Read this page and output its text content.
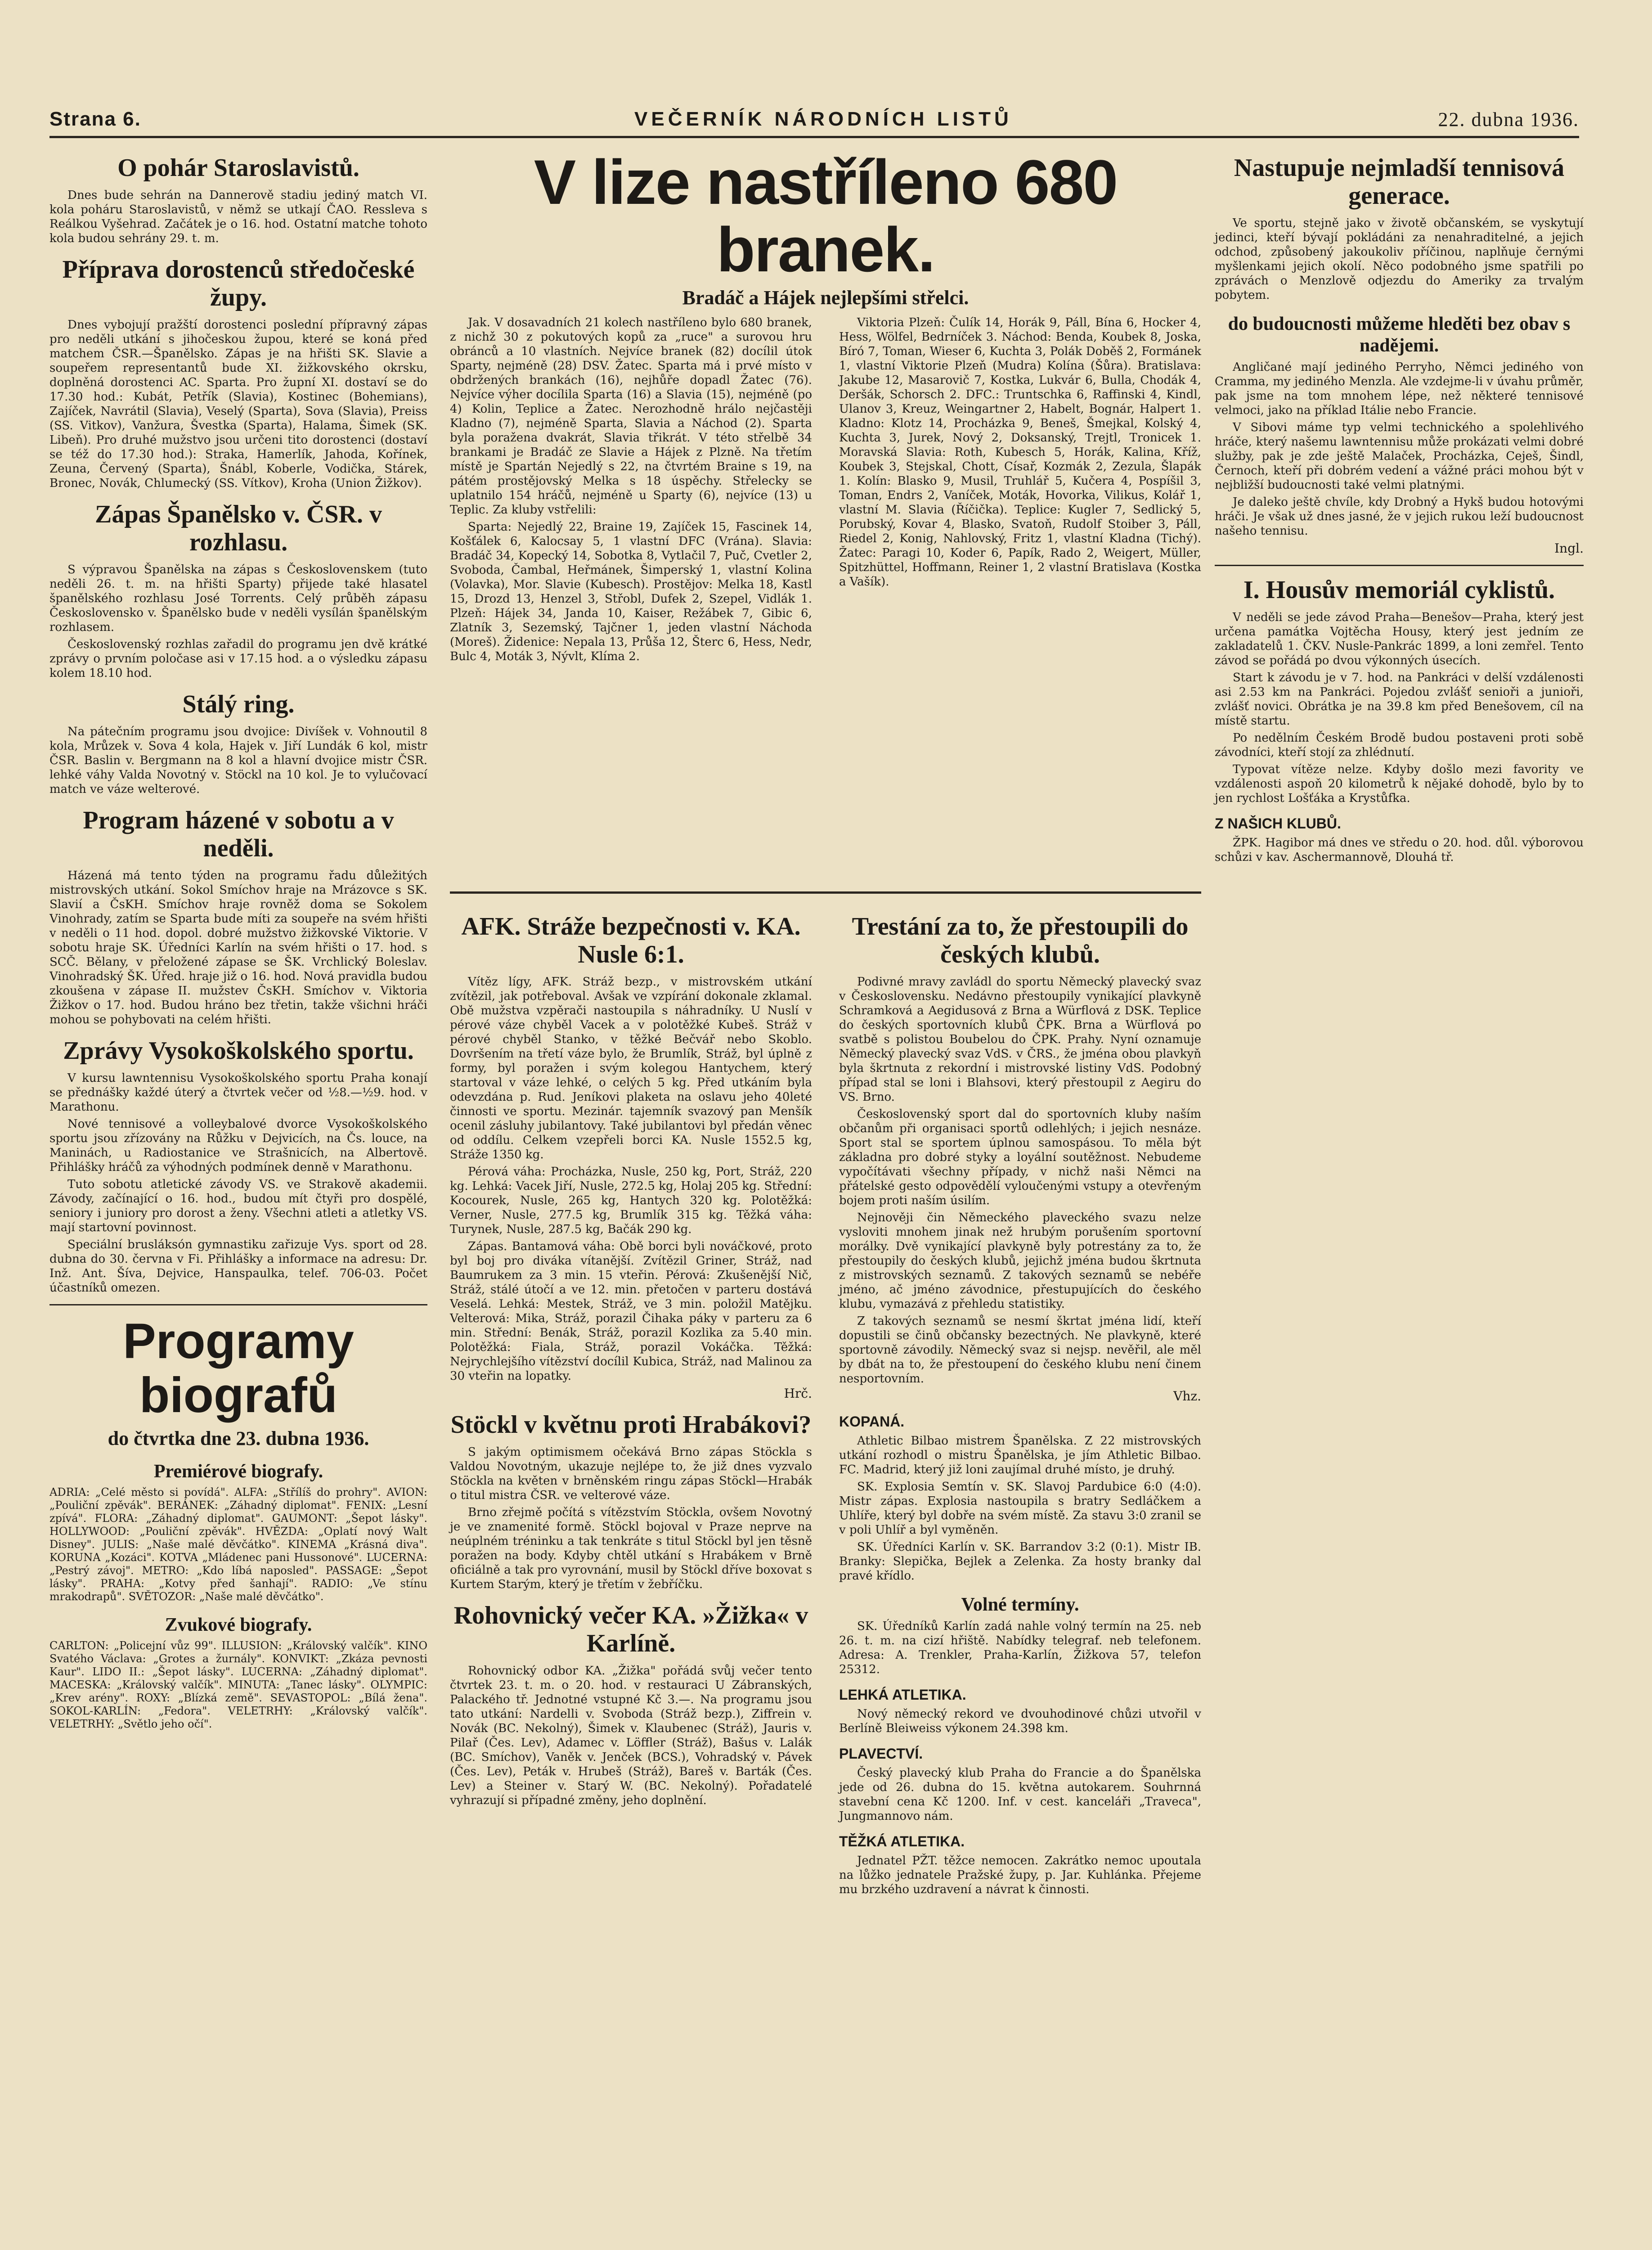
Strana 6.	VEČERNÍK NÁRODNÍCH LISTŮ	22. dubna 1936.
O pohár Staroslavistů.

Dnes bude sehrán na Dannerově stadiu jediný match VI. kola poháru Staroslavistů, v němž se utkají ČAO. Ressleva s Reálkou Vyšehrad. Začátek je o 16. hod. Ostatní matche tohoto kola budou sehrány 29. t. m.

Příprava dorostenců středočeské župy.

Dnes vybojují pražští dorostenci poslední přípravný zápas pro neděli utkání s jihočeskou župou, které se koná před matchem ČSR.—Španělsko. Zápas je na hřišti SK. Slavie a soupeřem representantů bude XI. žižkovského okrsku, doplněná dorostenci AC. Sparta. Pro župní XI. dostaví se do 17.30 hod.: Kubát, Petřík (Slavia), Kostinec (Bohemians), Zajíček, Navrátil (Slavia), Veselý (Sparta), Sova (Slavia), Preiss (SS. Vitkov), Vanžura, Švestka (Sparta), Halama, Šimek (SK. Libeň). Pro druhé mužstvo jsou určeni tito dorostenci (dostaví se též do 17.30 hod.): Straka, Hamerlík, Jahoda, Kořínek, Zeuna, Červený (Sparta), Šnábl, Koberle, Vodička, Stárek, Bronec, Novák, Chlumecký (SS. Vítkov), Kroha (Union Žižkov).

Zápas Španělsko v. ČSR. v rozhlasu.

S výpravou Španělska na zápas s Československem (tuto neděli 26. t. m. na hřišti Sparty) přijede také hlasatel španělského rozhlasu José Torrents. Celý průběh zápasu Československo v. Španělsko bude v neděli vysílán španělským rozhlasem.

Československý rozhlas zařadil do programu jen dvě krátké zprávy o prvním poločase asi v 17.15 hod. a o výsledku zápasu kolem 18.10 hod.

Stálý ring.

Na pátečním programu jsou dvojice: Divíšek v. Vohnoutil 8 kola, Mrůzek v. Sova 4 kola, Hajek v. Jiří Lundák 6 kol, mistr ČSR. Baslin v. Bergmann na 8 kol a hlavní dvojice mistr ČSR. lehké váhy Valda Novotný v. Stöckl na 10 kol. Je to vylučovací match ve váze welterové.

Program házené v sobotu a v neděli.

Házená má tento týden na programu řadu důležitých mistrovských utkání. Sokol Smíchov hraje na Mrázovce s SK. Slavií a ČsKH. Smíchov hraje rovněž doma se Sokolem Vinohrady, zatím se Sparta bude míti za soupeře na svém hřišti v neděli o 11 hod. dopol. dobré mužstvo žižkovské Viktorie. V sobotu hraje SK. Úředníci Karlín na svém hřišti o 17. hod. s SCČ. Bělany, v přeložené zápase se ŠK. Vrchlický Boleslav. Vinohradský ŠK. Úřed. hraje již o 16. hod. Nová pravidla budou zkoušena v zápase II. mužstev ČsKH. Smíchov v. Viktoria Žižkov o 17. hod. Budou hráno bez třetin, takže všichni hráči mohou se pohybovati na celém hřišti.

Zprávy Vysokoškolského sportu.

V kursu lawntennisu Vysokoškolského sportu Praha konají se přednášky každé úterý a čtvrtek večer od ½8.—½9. hod. v Marathonu.

Nové tennisové a volleybalové dvorce Vysokoškolského sportu jsou zřízovány na Růžku v Dejvicích, na Čs. louce, na Maninách, u Radiostanice ve Strašnicích, na Albertově. Přihlášky hráčů za výhodných podmínek denně v Marathonu.

Tuto sobotu atletické závody VS. ve Strakově akademii. Závody, začínající o 16. hod., budou mít čtyři pro dospělé, seniory i juniory pro dorost a ženy. Všechni atleti a atletky VS. mají startovní povinnost.

Speciální brusláksón gymnastiku zařizuje Vys. sport od 28. dubna do 30. června v Fi. Přihlášky a informace na adresu: Dr. Inž. Ant. Šíva, Dejvice, Hanspaulka, telef. 706-03. Počet účastníků omezen.

Programy biografů
do čtvrtka dne 23. dubna 1936.
Premiérové biografy.

ADRIA: „Celé město si povídá". ALFA: „Střílíš do prohry". AVION: „Pouliční zpěvák". BERÁNEK: „Záhadný diplomat". FENIX: „Lesní zpívá". FLORA: „Záhadný diplomat". GAUMONT: „Šepot lásky". HOLLYWOOD: „Pouliční zpěvák". HVĚZDA: „Oplatí nový Walt Disney". JULIS: „Naše malé děvčátko". KINEMA „Krásná diva". KORUNA „Kozáci". KOTVA „Mládenec pani Hussonové". LUCERNA: „Pestrý závoj". METRO: „Kdo líbá naposled". PASSAGE: „Šepot lásky". PRAHA: „Kotvy před šanhají". RADIO: „Ve stínu mrakodrapů". SVĚTOZOR: „Naše malé děvčátko".

Zvukové biografy.

CARLTON: „Policejní vůz 99". ILLUSION: „Královský valčík". KINO Svatého Václava: „Grotes a žurnály". KONVIKT: „Zkáza pevnosti Kaur". LIDO II.: „Šepot lásky". LUCERNA: „Záhadný diplomat". MACESKA: „Královský valčík". MINUTA: „Tanec lásky". OLYMPIC: „Krev arény". ROXY: „Blízká země". SEVASTOPOL: „Bílá žena". SOKOL-KARLÍN: „Fedora". VELETRHY: „Královský valčík". VELETRHY: „Světlo jeho očí".

V lize nastříleno 680 branek.
Bradáč a Hájek nejlepšími střelci.

Jak. V dosavadních 21 kolech nastříleno bylo 680 branek, z nichž 30 z pokutových kopů za „ruce" a surovou hru obránců a 10 vlastních. Nejvíce branek (82) docílil útok Sparty, nejméně (28) DSV. Žatec. Sparta má i prvé místo v obdržených brankách (16), nejhůře dopadl Žatec (76). Nejvíce výher docílila Sparta (16) a Slavia (15), nejméně (po 4) Kolin, Teplice a Žatec. Nerozhodně hrálo nejčastěji Kladno (7), nejméně Sparta, Slavia a Náchod (2). Sparta byla poražena dvakrát, Slavia třikrát. V této střelbě 34 brankami je Bradáč ze Slavie a Hájek z Plzně. Na třetím místě je Spartán Nejedlý s 22, na čtvrtém Braine s 19, na pátém prostějovský Melka s 18 úspěchy. Střelecky se uplatnilo 154 hráčů, nejméně u Sparty (6), nejvíce (13) u Teplic. Za kluby vstřelili:

Sparta: Nejedlý 22, Braine 19, Zajíček 15, Fascinek 14, Košťálek 6, Kalocsay 5, 1 vlastní DFC (Vrána). Slavia: Bradáč 34, Kopecký 14, Sobotka 8, Vytlačil 7, Puč, Cvetler 2, Svoboda, Čambal, Heřmánek, Šimperský 1, vlastní Kolina (Volavka), Mor. Slavie (Kubesch). Prostějov: Melka 18, Kastl 15, Drozd 13, Henzel 3, Střobl, Dufek 2, Szepel, Vidlák 1. Plzeň: Hájek 34, Janda 10, Kaiser, Režábek 7, Gibic 6, Zlatník 3, Sezemský, Tajčner 1, jeden vlastní Náchoda (Moreš). Židenice: Nepala 13, Průša 12, Šterc 6, Hess, Nedr, Bulc 4, Moták 3, Nývlt, Klíma 2.

Viktoria Plzeň: Čulík 14, Horák 9, Páll, Bína 6, Hocker 4, Hess, Wölfel, Bedrníček 3. Náchod: Benda, Koubek 8, Joska, Bíró 7, Toman, Wieser 6, Kuchta 3, Polák Doběš 2, Formánek 1, vlastní Viktorie Plzeň (Mudra) Kolína (Šůra). Bratislava: Jakube 12, Masarovič 7, Kostka, Lukvár 6, Bulla, Chodák 4, Deršák, Schorsch 2. DFC.: Truntschka 6, Raffinski 4, Kindl, Ulanov 3, Kreuz, Weingartner 2, Habelt, Bognár, Halpert 1. Kladno: Klotz 14, Procházka 9, Beneš, Šmejkal, Kolský 4, Kuchta 3, Jurek, Nový 2, Doksanský, Trejtl, Tronicek 1. Moravská Slavia: Roth, Kubesch 5, Horák, Kalina, Kříž, Koubek 3, Stejskal, Chott, Císař, Kozmák 2, Zezula, Šlapák 1. Kolín: Blasko 9, Musil, Truhlář 5, Kučera 4, Pospíšil 3, Toman, Endrs 2, Vaníček, Moták, Hovorka, Vilikus, Kolář 1, vlastní M. Slavia (Říčička). Teplice: Kugler 7, Sedlický 5, Porubský, Kovar 4, Blasko, Svatoň, Rudolf Stoiber 3, Páll, Riedel 2, Konig, Nahlovský, Fritz 1, vlastní Kladna (Tichý). Žatec: Paragi 10, Koder 6, Papík, Rado 2, Weigert, Müller, Spitzhüttel, Hoffmann, Reiner 1, 2 vlastní Bratislava (Kostka a Vašík).

AFK. Stráže bezpečnosti v. KA. Nusle 6:1.

Vítěz lígy, AFK. Stráž bezp., v mistrovském utkání zvítězil, jak potřeboval. Avšak ve vzpírání dokonale zklamal. Obě mužstva vzpěrači nastoupila s náhradníky. U Nuslí v pérové váze chyběl Vacek a v polotěžké Kubeš. Stráž v pérové chyběl Stanko, v těžké Bečvář nebo Skoblo. Dovršením na třetí váze bylo, že Brumlík, Stráž, byl úplně z formy, byl poražen i svým kolegou Hantychem, který startoval v váze lehké, o celých 5 kg. Před utkáním byla odevzdána p. Rud. Jeníkovi plaketa na oslavu jeho 40leté činnosti ve sportu. Mezinár. tajemník svazový pan Menšík ocenil zásluhy jubilantovy. Také jubilantovi byl předán věnec od oddílu. Celkem vzepřeli borci KA. Nusle 1552.5 kg, Stráže 1350 kg.

Pérová váha: Procházka, Nusle, 250 kg, Port, Stráž, 220 kg. Lehká: Vacek Jiří, Nusle, 272.5 kg, Holaj 205 kg. Střední: Kocourek, Nusle, 265 kg, Hantych 320 kg. Polotěžká: Verner, Nusle, 277.5 kg, Brumlík 315 kg. Těžká váha: Turynek, Nusle, 287.5 kg, Bačák 290 kg.

Zápas. Bantamová váha: Obě borci byli nováčkové, proto byl boj pro diváka vítanější. Zvítězil Griner, Stráž, nad Baumrukem za 3 min. 15 vteřin. Pérová: Zkušenější Nič, Stráž, stálé útočí a ve 12. min. přetočen v parteru dostává Veselá. Lehká: Mestek, Stráž, ve 3 min. položil Matějku. Velterová: Mika, Stráž, porazil Čihaka páky v parteru za 6 min. Střední: Benák, Stráž, porazil Kozlika za 5.40 min. Polotěžká: Fiala, Stráž, porazil Vokáčka. Těžká: Nejrychlejšího vítězství docílil Kubica, Stráž, nad Malinou za 30 vteřin na lopatky.

Hrč.
Stöckl v květnu proti Hrabákovi?

S jakým optimismem očekává Brno zápas Stöckla s Valdou Novotným, ukazuje nejlépe to, že již dnes vyzvalo Stöckla na květen v brněnském ringu zápas Stöckl—Hrabák o titul mistra ČSR. ve velterové váze.

Brno zřejmě počítá s vítězstvím Stöckla, ovšem Novotný je ve znamenité formě. Stöckl bojoval v Praze neprve na neúplném tréninku a tak tenkráte s titul Stöckl byl jen těsně poražen na body. Kdyby chtěl utkání s Hrabákem v Brně oficiálně a tak pro vyrovnání, musil by Stöckl dříve boxovat s Kurtem Starým, který je třetím v žebříčku.

Rohovnický večer KA. »Žižka« v Karlíně.

Rohovnický odbor KA. „Žižka" pořádá svůj večer tento čtvrtek 23. t. m. o 20. hod. v restauraci U Zábranských, Palackého tř. Jednotné vstupné Kč 3.—. Na programu jsou tato utkání: Nardelli v. Svoboda (Stráž bezp.), Ziffrein v. Novák (BC. Nekolný), Šimek v. Klaubenec (Stráž), Jauris v. Pilař (Čes. Lev), Adamec v. Löffler (Stráž), Bašus v. Lalák (BC. Smíchov), Vaněk v. Jenček (BCS.), Vohradský v. Pávek (Čes. Lev), Peták v. Hrubeš (Stráž), Bareš v. Barták (Čes. Lev) a Steiner v. Starý W. (BC. Nekolný). Pořadatelé vyhrazují si případné změny, jeho doplnění.

Trestání za to, že přestoupili do českých klubů.

Podivné mravy zavládl do sportu Německý plavecký svaz v Československu. Nedávno přestoupily vynikající plavkyně Schramková a Aegidusová z Brna a Würflová z DSK. Teplice do českých sportovních klubů ČPK. Brna a Würflová po svatbě s polistou Boubelou do ČPK. Prahy. Nyní oznamuje Německý plavecký svaz VdS. v ČRS., že jména obou plavkyň byla škrtnuta z rekordní i mistrovské listiny VdS. Podobný případ stal se loni i Blahsovi, který přestoupil z Aegiru do VS. Brno.

Československý sport dal do sportovních kluby naším občanům při organisaci sportů odlehlých; i jejich nesnáze. Sport stal se sportem úplnou samospásou. To měla být základna pro dobré styky a loyální soutěžnost. Nebudeme vypočítávati všechny případy, v nichž naši Němci na přátelské gesto odpovědělí vyloučenými vstupy a otevřeným bojem proti naším úsilím.

Nejnověji čin Německého plaveckého svazu nelze vysloviti mnohem jinak než hrubým porušením sportovní morálky. Dvě vynikající plavkyně byly potrestány za to, že přestoupily do českých klubů, jejichž jména budou škrtnuta z mistrovských seznamů. Z takových seznamů se nebéře jméno, ač jméno závodnice, přestupujících do českého klubu, vymazává z přehledu statistiky.

Z takových seznamů se nesmí škrtat jména lidí, kteří dopustili se činů občansky bezectných. Ne plavkyně, které sportovně závodily. Německý svaz si nejsp. nevěřil, ale měl by dbát na to, že přestoupení do českého klubu není činem nesportovním.

Vhz.
KOPANÁ.

Athletic Bilbao mistrem Španělska. Z 22 mistrovských utkání rozhodl o mistru Španělska, je jím Athletic Bilbao. FC. Madrid, který již loni zaujímal druhé místo, je druhý.

SK. Explosia Semtín v. SK. Slavoj Pardubice 6:0 (4:0). Mistr zápas. Explosia nastoupila s bratry Sedláčkem a Uhlíře, který byl dobře na svém místě. Za stavu 3:0 zranil se v poli Uhlíř a byl vyměněn.

SK. Úředníci Karlín v. SK. Barrandov 3:2 (0:1). Mistr IB. Branky: Slepička, Bejlek a Zelenka. Za hosty branky dal pravé křídlo.

Volné termíny.

SK. Úředníků Karlín zadá nahle volný termín na 25. neb 26. t. m. na cizí hřiště. Nabídky telegraf. neb telefonem. Adresa: A. Trenkler, Praha-Karlín, Žižkova 57, telefon 25312.

LEHKÁ ATLETIKA.

Nový německý rekord ve dvouhodinové chůzi utvořil v Berlíně Bleiweiss výkonem 24.398 km.

PLAVECTVÍ.

Český plavecký klub Praha do Francie a do Španělska jede od 26. dubna do 15. května autokarem. Souhrnná stavební cena Kč 1200. Inf. v cest. kanceláři „Traveca", Jungmannovo nám.

TĚŽKÁ ATLETIKA.

Jednatel PŽT. těžce nemocen. Zakrátko nemoc upoutala na lůžko jednatele Pražské župy, p. Jar. Kuhlánka. Přejeme mu brzkého uzdravení a návrat k činnosti.

Nastupuje nejmladší tennisová generace.

Ve sportu, stejně jako v životě občanském, se vyskytují jedinci, kteří bývají pokládáni za nenahraditelné, a jejich odchod, způsobený jakoukoliv příčinou, naplňuje černými myšlenkami jejich okolí. Něco podobného jsme spatřili po zprávách o Menzlově odjezdu do Ameriky za trvalým pobytem.

do budoucnosti můžeme hleděti bez obav s nadějemi.

Angličané mají jediného Perryho, Němci jediného von Cramma, my jediného Menzla. Ale vzdejme-li v úvahu průměr, pak jsme na tom mnohem lépe, než některé tennisové velmoci, jako na příklad Itálie nebo Francie.

V Sibovi máme typ velmi technického a spolehlivého hráče, který našemu lawntennisu může prokázati velmi dobré služby, pak je zde ještě Malaček, Procházka, Ceješ, Šindl, Černoch, kteří při dobrém vedení a vážné práci mohou být v nejbližší budoucnosti také velmi platnými.

Je daleko ještě chvíle, kdy Drobný a Hykš budou hotovými hráči. Je však už dnes jasné, že v jejich rukou leží budoucnost našeho tennisu.

Ingl.
I. Housův memoriál cyklistů.

V neděli se jede závod Praha—Benešov—Praha, který jest určena památka Vojtěcha Housy, který jest jedním ze zakladatelů 1. ČKV. Nusle-Pankrác 1899, a loni zemřel. Tento závod se pořádá po dvou výkonných úsecích.

Start k závodu je v 7. hod. na Pankráci v delší vzdálenosti asi 2.53 km na Pankráci. Pojedou zvlášť senioři a junioři, zvlášť novici. Obrátka je na 39.8 km před Benešovem, cíl na místě startu.

Po nedělním Českém Brodě budou postaveni proti sobě závodníci, kteří stojí za zhlédnutí.

Typovat vítěze nelze. Kdyby došlo mezi favority ve vzdálenosti aspoň 20 kilometrů k nějaké dohodě, bylo by to jen rychlost Lošťáka a Krystůfka.

Z NAŠICH KLUBŮ.

ŽPK. Hagibor má dnes ve středu o 20. hod. důl. výborovou schůzi v kav. Aschermannově, Dlouhá tř.
